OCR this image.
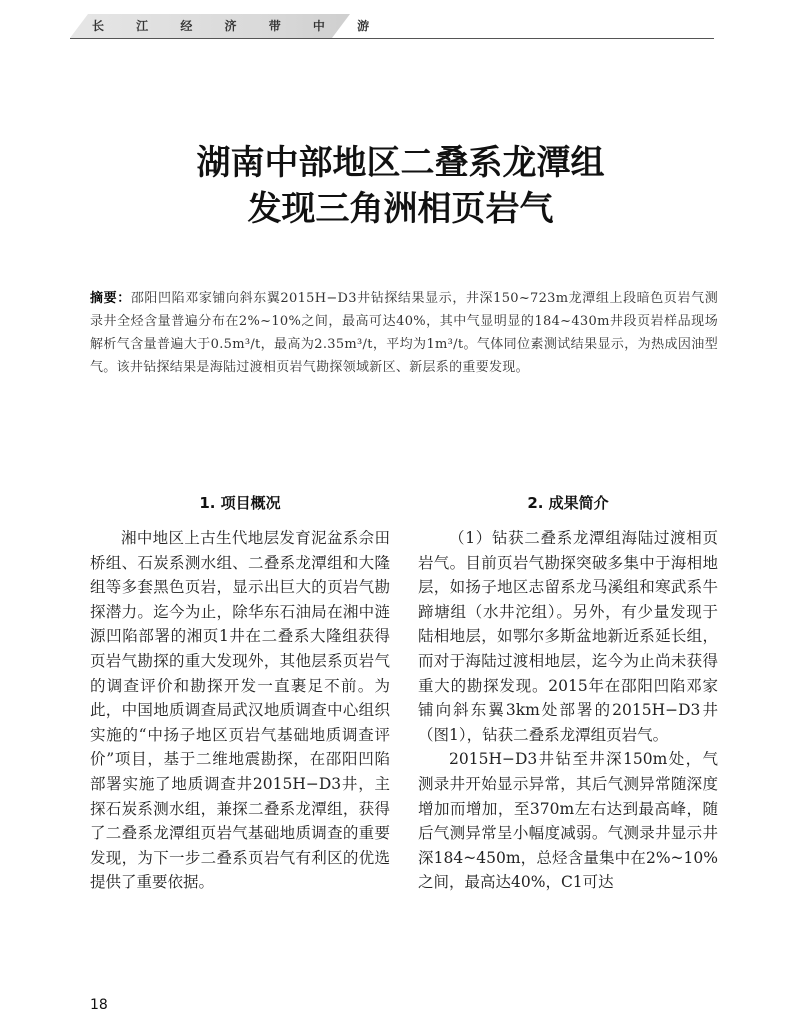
长 江 经 济 带 中 游
湖南中部地区二叠系龙潭组
发现三角洲相页岩气
摘要：邵阳凹陷邓家铺向斜东翼2015H−D3井钻探结果显示，井深150~723m龙潭组上段暗色页岩气测录井全烃含量普遍分布在2%~10%之间，最高可达40%，其中气显明显的184~430m井段页岩样品现场解析气含量普遍大于0.5m³/t，最高为2.35m³/t，平均为1m³/t。气体同位素测试结果显示，为热成因油型气。该井钻探结果是海陆过渡相页岩气勘探领域新区、新层系的重要发现。
1. 项目概况

湘中地区上古生代地层发育泥盆系佘田桥组、石炭系测水组、二叠系龙潭组和大隆组等多套黑色页岩，显示出巨大的页岩气勘探潜力。迄今为止，除华东石油局在湘中涟源凹陷部署的湘页1井在二叠系大隆组获得页岩气勘探的重大发现外，其他层系页岩气的调查评价和勘探开发一直裹足不前。为此，中国地质调查局武汉地质调查中心组织实施的“中扬子地区页岩气基础地质调查评价”项目，基于二维地震勘探，在邵阳凹陷部署实施了地质调查井2015H−D3井，主探石炭系测水组，兼探二叠系龙潭组，获得了二叠系龙潭组页岩气基础地质调查的重要发现，为下一步二叠系页岩气有利区的优选提供了重要依据。

2. 成果简介

（1）钻获二叠系龙潭组海陆过渡相页岩气。目前页岩气勘探突破多集中于海相地层，如扬子地区志留系龙马溪组和寒武系牛蹄塘组（水井沱组）。另外，有少量发现于陆相地层，如鄂尔多斯盆地新近系延长组，而对于海陆过渡相地层，迄今为止尚未获得重大的勘探发现。2015年在邵阳凹陷邓家铺向斜东翼3km处部署的2015H−D3井（图1），钻获二叠系龙潭组页岩气。

2015H−D3井钻至井深150m处，气测录井开始显示异常，其后气测异常随深度增加而增加，至370m左右达到最高峰，随后气测异常呈小幅度减弱。气测录井显示井深184~450m，总烃含量集中在2%~10%之间，最高达40%，C1可达

18
